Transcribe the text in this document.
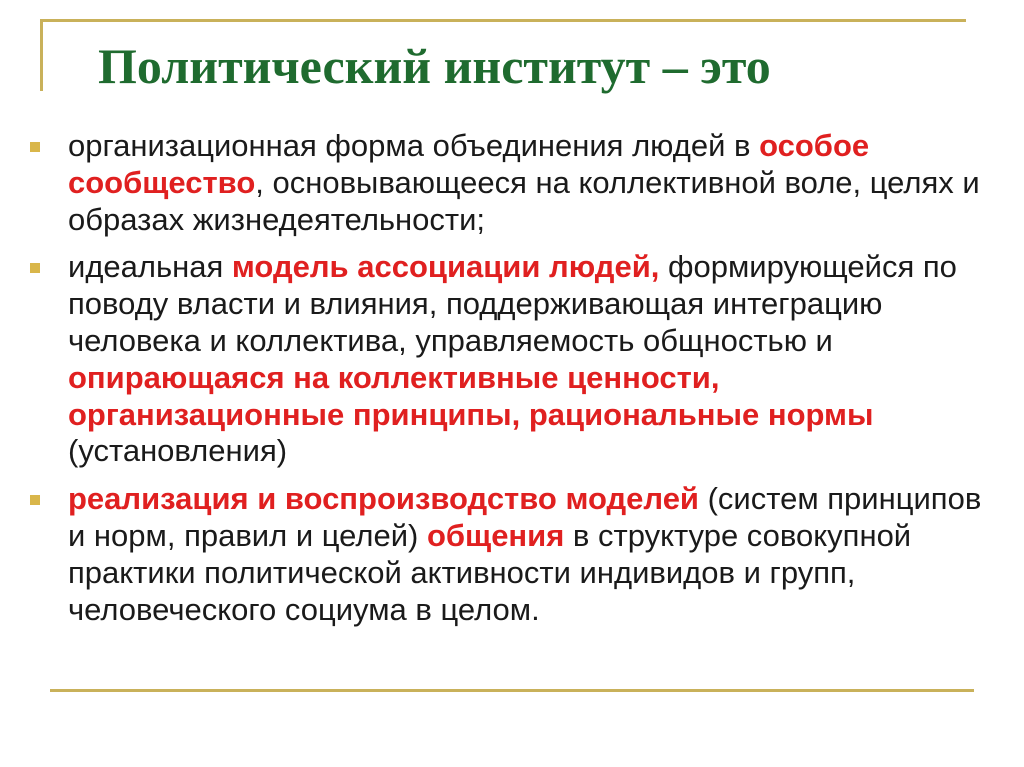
Политический институт – это
организационная форма объединения людей в особое сообщество, основывающееся на коллективной воле, целях и образах жизнедеятельности;
идеальная модель ассоциации людей, формирующейся по поводу власти и влияния, поддерживающая интеграцию человека и коллектива, управляемость общностью и опирающаяся на коллективные ценности, организационные принципы, рациональные нормы (установления)
реализация и воспроизводство моделей (систем принципов и норм, правил и целей) общения в структуре совокупной практики политической активности индивидов и групп, человеческого социума в целом.
